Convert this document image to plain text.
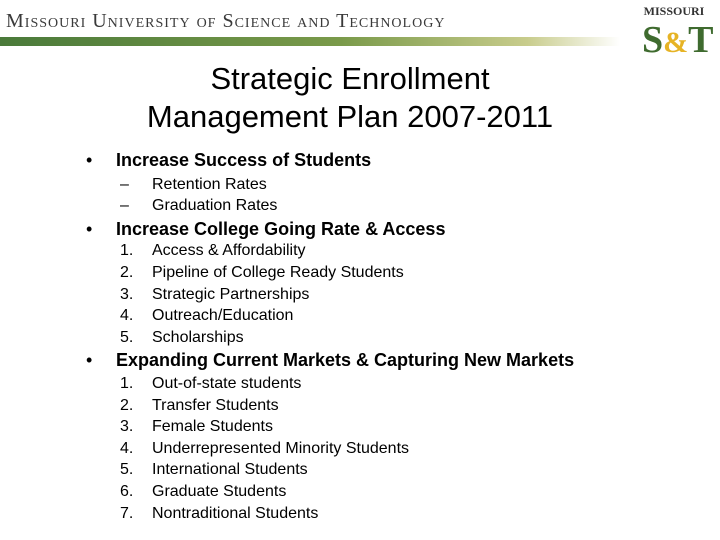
Missouri University of Science and Technology	MISSOURI
S&T
Strategic Enrollment
Management Plan 2007-2011
• Increase Success of Students
– Retention Rates
– Graduation Rates
• Increase College Going Rate & Access
1. Access & Affordability
2. Pipeline of College Ready Students
3. Strategic Partnerships
4. Outreach/Education
5. Scholarships
• Expanding Current Markets & Capturing New Markets
1. Out-of-state students
2. Transfer Students
3. Female Students
4. Underrepresented Minority Students
5. International Students
6. Graduate Students
7. Nontraditional Students
